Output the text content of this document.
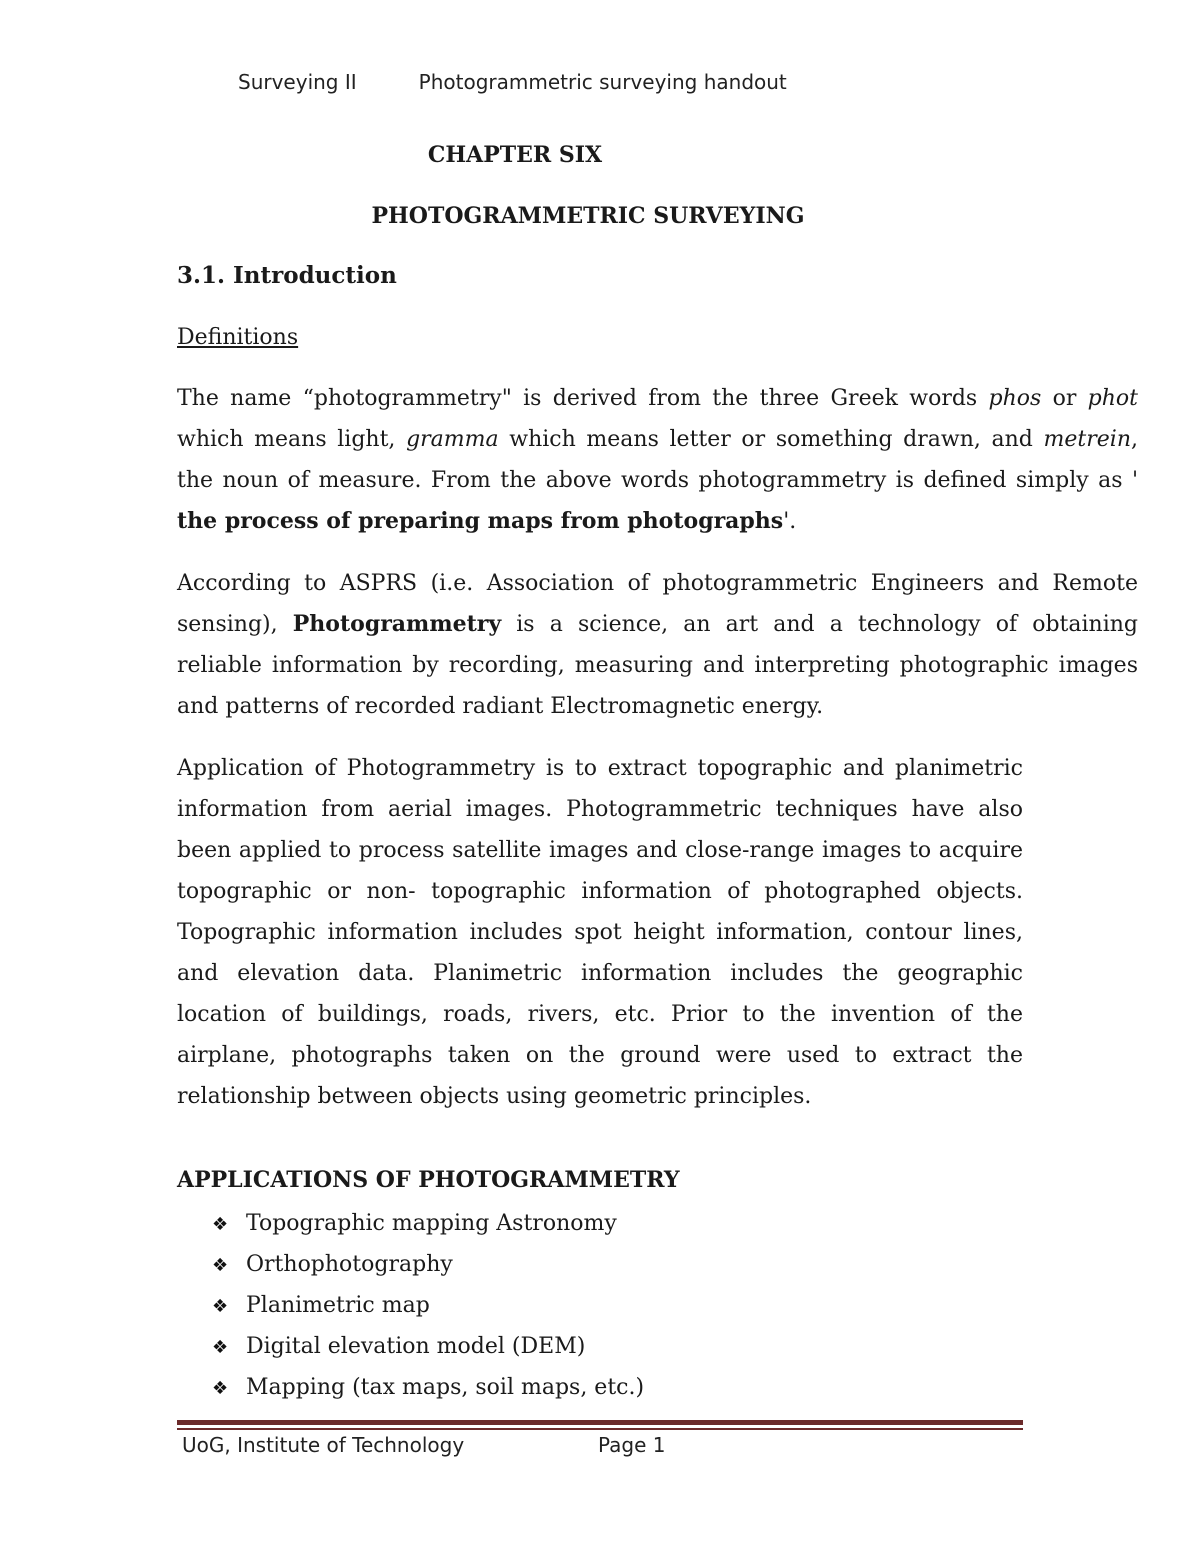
Surveying II	Photogrammetric surveying handout
CHAPTER SIX
PHOTOGRAMMETRIC SURVEYING
3.1. Introduction
Definitions

The name “photogrammetry" is derived from the three Greek words phos or phot which means light, gramma which means letter or something drawn, and metrein, the noun of measure. From the above words photogrammetry is defined simply as ' the process of preparing maps from photographs'.

According to ASPRS (i.e. Association of photogrammetric Engineers and Remote sensing), Photogrammetry is a science, an art and a technology of obtaining reliable information by recording, measuring and interpreting photographic images and patterns of recorded radiant Electromagnetic energy.

Application of Photogrammetry is to extract topographic and planimetric information from aerial images. Photogrammetric techniques have also been applied to process satellite images and close-range images to acquire topographic or non- topographic information of photographed objects. Topographic information includes spot height information, contour lines, and elevation data. Planimetric information includes the geographic location of buildings, roads, rivers, etc. Prior to the invention of the airplane, photographs taken on the ground were used to extract the relationship between objects using geometric principles.

APPLICATIONS OF PHOTOGRAMMETRY
❖ Topographic mapping Astronomy
❖ Orthophotography
❖ Planimetric map
❖ Digital elevation model (DEM)
❖ Mapping (tax maps, soil maps, etc.)
UoG, Institute of Technology	Page 1
